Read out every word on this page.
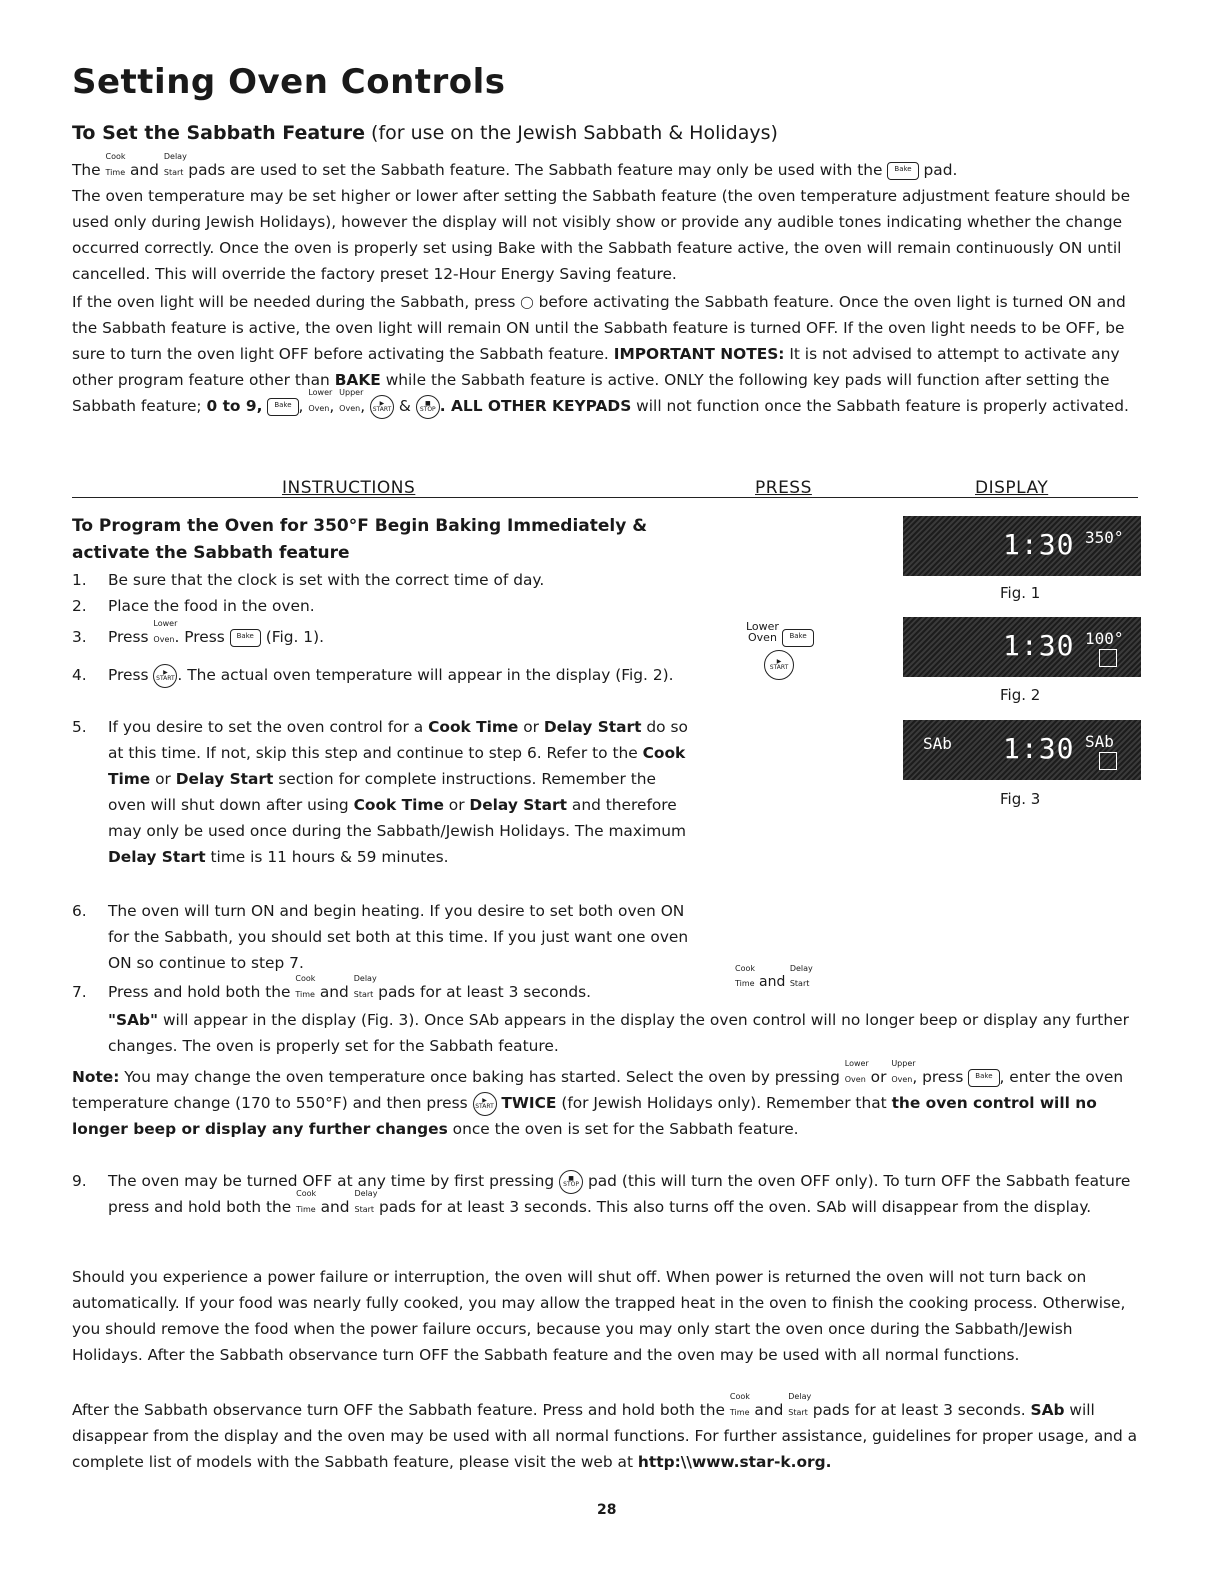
Setting Oven Controls
To Set the Sabbath Feature (for use on the Jewish Sabbath & Holidays)
The
Cook
Time and
Delay
Start pads are used to set the Sabbath feature. The Sabbath feature may only be used with the Bake pad.
The oven temperature may be set higher or lower after setting the Sabbath feature (the oven temperature adjustment feature should be used only during Jewish Holidays), however the display will not visibly show or provide any audible tones indicating whether the change occurred correctly. Once the oven is properly set using Bake with the Sabbath feature active, the oven will remain continuously ON until cancelled. This will override the factory preset 12-Hour Energy Saving feature.
If the oven light will be needed during the Sabbath, press ◯ before activating the Sabbath feature. Once the oven light is turned ON and the Sabbath feature is active, the oven light will remain ON until the Sabbath feature is turned OFF. If the oven light needs to be OFF, be sure to turn the oven light OFF before activating the Sabbath feature. IMPORTANT NOTES: It is not advised to attempt to activate any other program feature other than BAKE while the Sabbath feature is active. ONLY the following key pads will function after setting the Sabbath feature; 0 to 9, Bake ,
Lower
Oven,
Upper
Oven, ▶
START & ■
STOP . ALL OTHER KEYPADS will not function once the Sabbath feature is properly activated.
INSTRUCTIONS	PRESS	DISPLAY
To Program the Oven for 350°F Begin Baking Immediately & activate the Sabbath feature
1. Be sure that the clock is set with the correct time of day.
2. Place the food in the oven.
3. Press
Lower
Oven. Press Bake (Fig. 1).
4. Press ▶
START . The actual oven temperature will appear in the display (Fig. 2).
5. If you desire to set the oven control for a Cook Time or Delay Start do so at this time. If not, skip this step and continue to step 6. Refer to the Cook Time or Delay Start section for complete instructions. Remember the oven will shut down after using Cook Time or Delay Start and therefore may only be used once during the Sabbath/Jewish Holidays. The maximum Delay Start time is 11 hours & 59 minutes.
6. The oven will turn ON and begin heating. If you desire to set both oven ON for the Sabbath, you should set both at this time. If you just want one oven ON so continue to step 7.
7. Press and hold both the
Cook
Time and
Delay
Start pads for at least 3 seconds.
"SAb" will appear in the display (Fig. 3). Once SAb appears in the display the oven control will no longer beep or display any further changes. The oven is properly set for the Sabbath feature.
Note: You may change the oven temperature once baking has started. Select the oven by pressing
Lower
Oven or
Upper
Oven, press Bake , enter the oven temperature change (170 to 550°F) and then press ▶
START TWICE (for Jewish Holidays only). Remember that the oven control will no longer beep or display any further changes once the oven is set for the Sabbath feature.
9. The oven may be turned OFF at any time by first pressing ■
STOP pad (this will turn the oven OFF only). To turn OFF the Sabbath feature press and hold both the
Cook
Time and
Delay
Start pads for at least 3 seconds. This also turns off the oven. SAb will disappear from the display.
Lower
Oven Bake
▶
START
Cook
Time and
Delay
Start
1:30 350°
Fig. 1
1:30 100°
Fig. 2
SAb 1:30 SAb
Fig. 3
Should you experience a power failure or interruption, the oven will shut off. When power is returned the oven will not turn back on automatically. If your food was nearly fully cooked, you may allow the trapped heat in the oven to finish the cooking process. Otherwise, you should remove the food when the power failure occurs, because you may only start the oven once during the Sabbath/Jewish Holidays. After the Sabbath observance turn OFF the Sabbath feature and the oven may be used with all normal functions.
After the Sabbath observance turn OFF the Sabbath feature. Press and hold both the
Cook
Time and
Delay
Start pads for at least 3 seconds. SAb will disappear from the display and the oven may be used with all normal functions. For further assistance, guidelines for proper usage, and a complete list of models with the Sabbath feature, please visit the web at http:\\www.star-k.org.
28
